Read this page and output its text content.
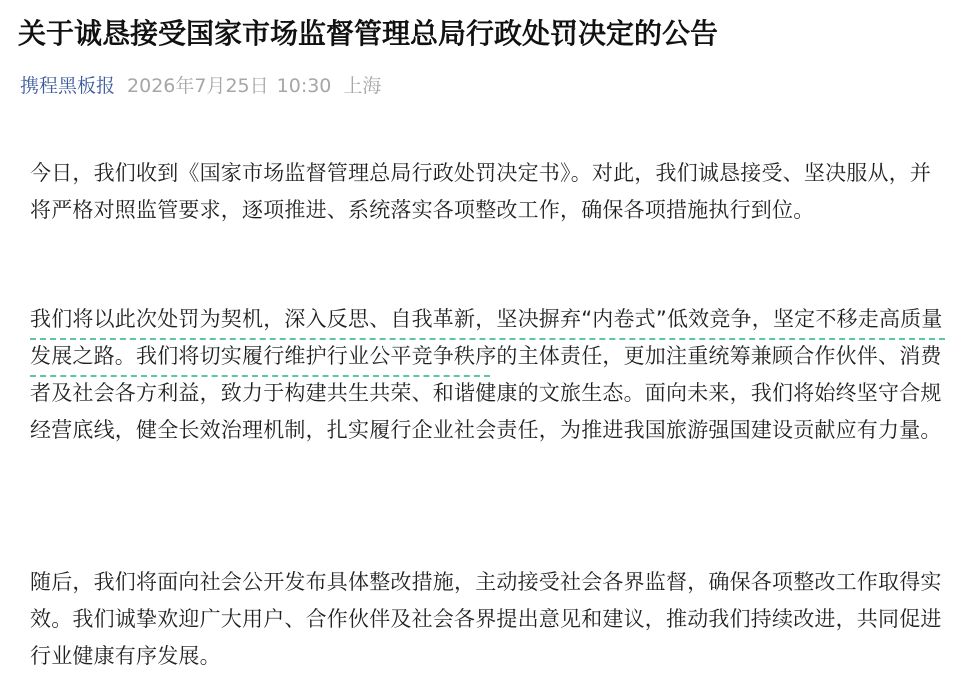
关于诚恳接受国家市场监督管理总局行政处罚决定的公告
携程黑板报 2026年7月25日 10:30 上海

今日，我们收到《国家市场监督管理总局行政处罚决定书》。对此，我们诚恳接受、坚决服从，并将严格对照监管要求，逐项推进、系统落实各项整改工作，确保各项措施执行到位。

我们将以此次处罚为契机，深入反思、自我革新，坚决摒弃“内卷式”低效竞争，坚定不移走高质量发展之路。我们将切实履行维护行业公平竞争秩序的主体责任，更加注重统筹兼顾合作伙伴、消费者及社会各方利益，致力于构建共生共荣、和谐健康的文旅生态。面向未来，我们将始终坚守合规经营底线，健全长效治理机制，扎实履行企业社会责任，为推进我国旅游强国建设贡献应有力量。

随后，我们将面向社会公开发布具体整改措施，主动接受社会各界监督，确保各项整改工作取得实效。我们诚挚欢迎广大用户、合作伙伴及社会各界提出意见和建议，推动我们持续改进，共同促进行业健康有序发展。
